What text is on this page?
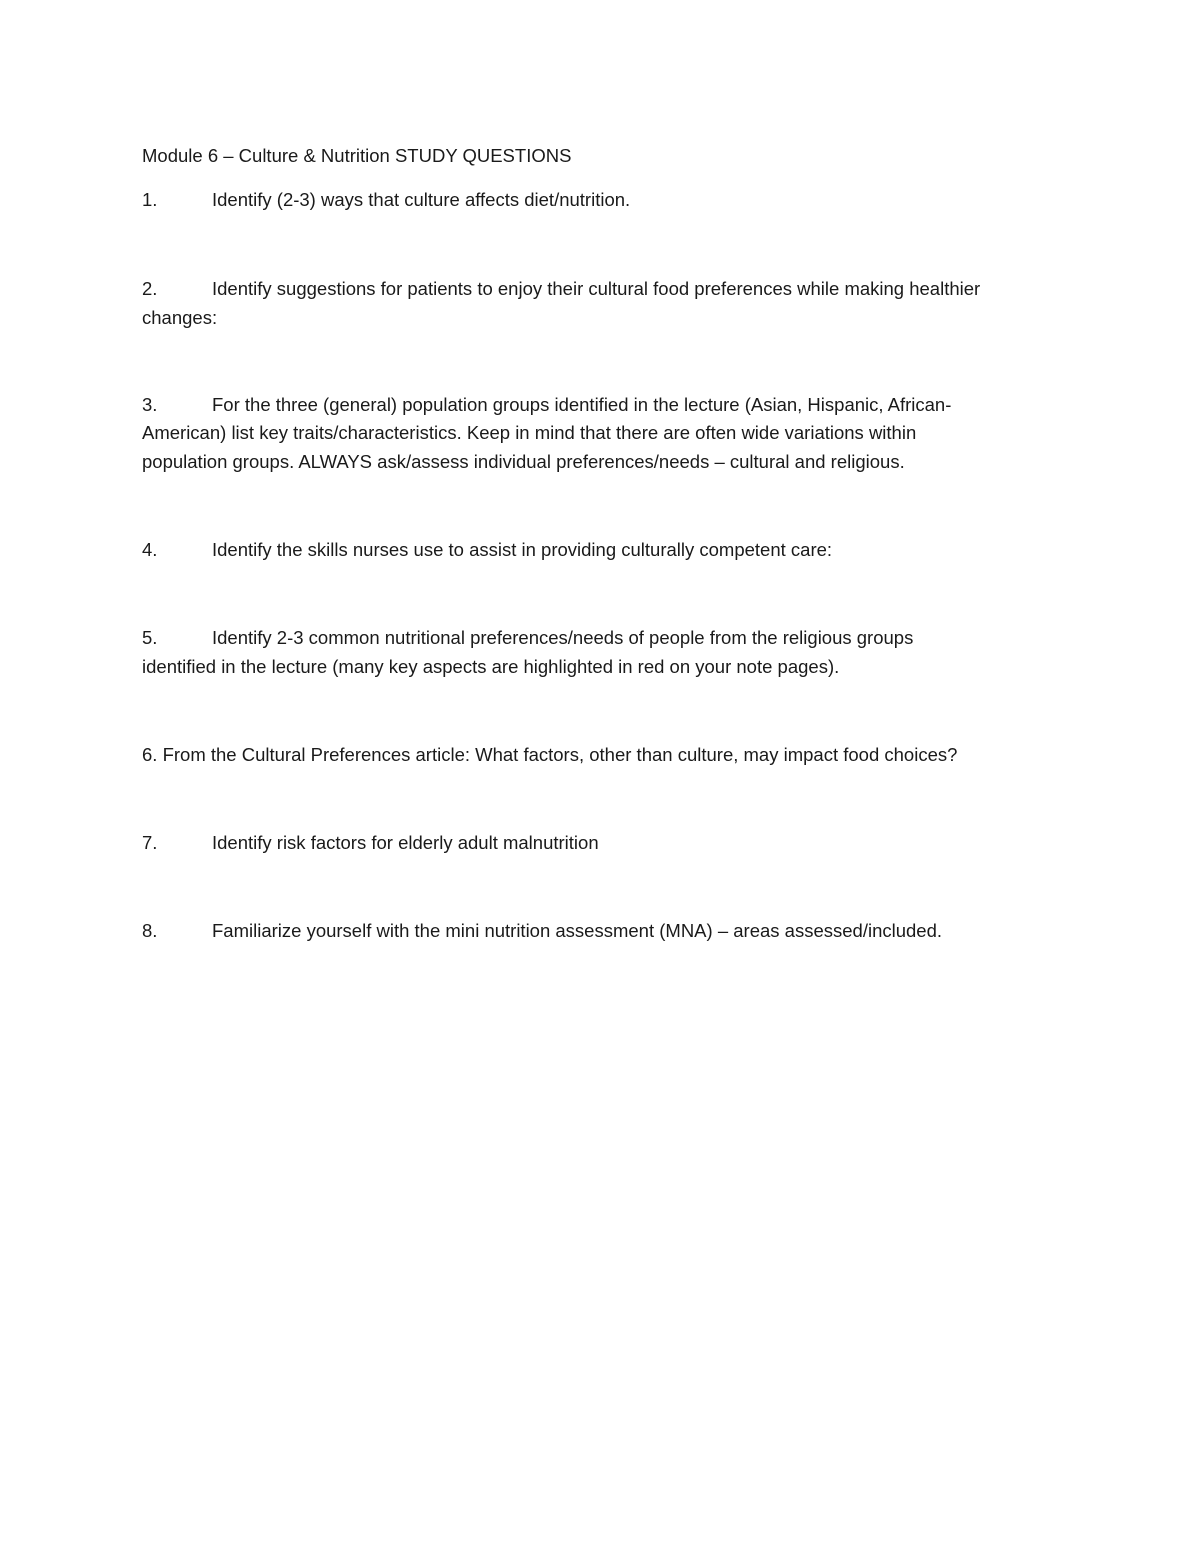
Module 6 – Culture & Nutrition STUDY QUESTIONS
1.	Identify (2-3) ways that culture affects diet/nutrition.
2.	Identify suggestions for patients to enjoy their cultural food preferences while making healthier
changes:
3.	For the three (general) population groups identified in the lecture (Asian, Hispanic, African-
American) list key traits/characteristics. Keep in mind that there are often wide variations within
population groups. ALWAYS ask/assess individual preferences/needs – cultural and religious.
4.	Identify the skills nurses use to assist in providing culturally competent care:
5.	Identify 2-3 common nutritional preferences/needs of people from the religious groups
identified in the lecture (many key aspects are highlighted in red on your note pages).
6. From the Cultural Preferences article: What factors, other than culture, may impact food choices?
7.	Identify risk factors for elderly adult malnutrition
8.	Familiarize yourself with the mini nutrition assessment (MNA) – areas assessed/included.
